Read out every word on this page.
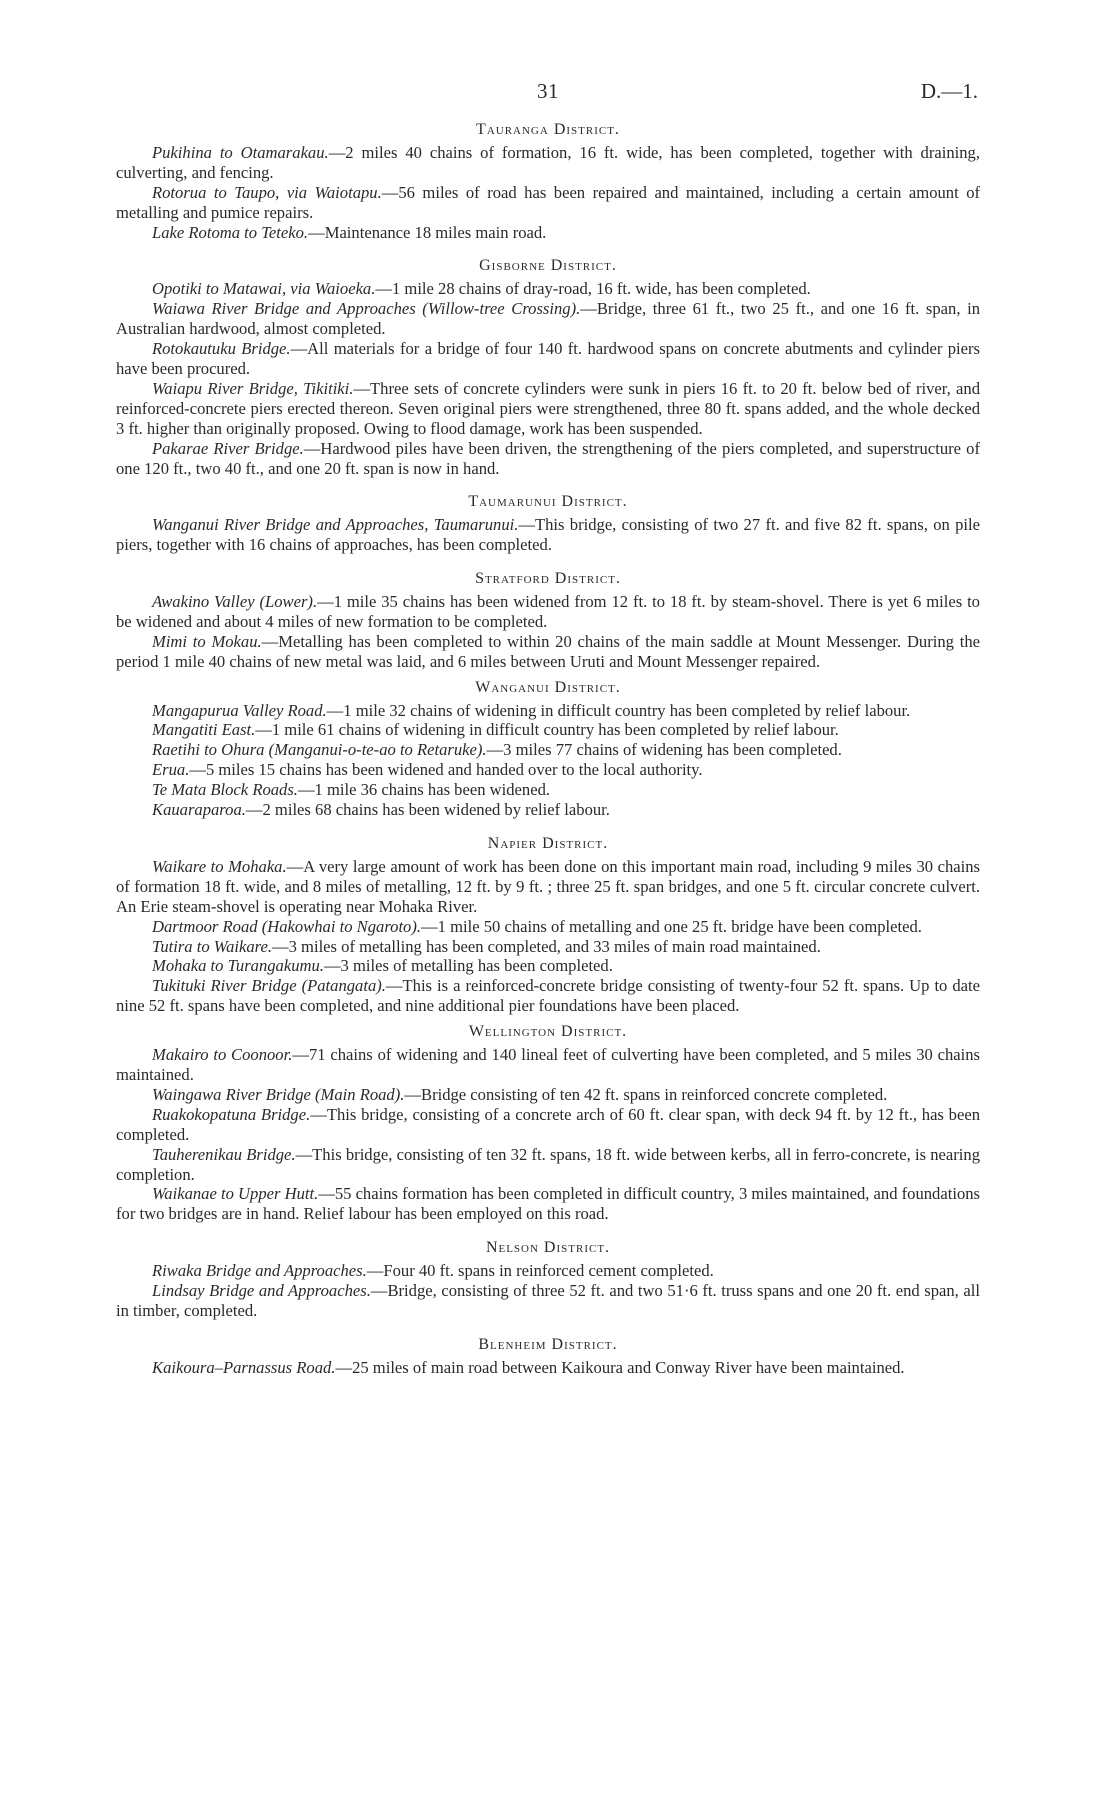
31	D.—1.
Tauranga District.

Pukihina to Otamarakau.—2 miles 40 chains of formation, 16 ft. wide, has been completed, together with draining, culverting, and fencing.

Rotorua to Taupo, via Waiotapu.—56 miles of road has been repaired and maintained, including a certain amount of metalling and pumice repairs.

Lake Rotoma to Teteko.—Maintenance 18 miles main road.

Gisborne District.

Opotiki to Matawai, via Waioeka.—1 mile 28 chains of dray-road, 16 ft. wide, has been completed.

Waiawa River Bridge and Approaches (Willow-tree Crossing).—Bridge, three 61 ft., two 25 ft., and one 16 ft. span, in Australian hardwood, almost completed.

Rotokautuku Bridge.—All materials for a bridge of four 140 ft. hardwood spans on concrete abutments and cylinder piers have been procured.

Waiapu River Bridge, Tikitiki.—Three sets of concrete cylinders were sunk in piers 16 ft. to 20 ft. below bed of river, and reinforced-concrete piers erected thereon. Seven original piers were strengthened, three 80 ft. spans added, and the whole decked 3 ft. higher than originally proposed. Owing to flood damage, work has been suspended.

Pakarae River Bridge.—Hardwood piles have been driven, the strengthening of the piers completed, and superstructure of one 120 ft., two 40 ft., and one 20 ft. span is now in hand.

Taumarunui District.

Wanganui River Bridge and Approaches, Taumarunui.—This bridge, consisting of two 27 ft. and five 82 ft. spans, on pile piers, together with 16 chains of approaches, has been completed.

Stratford District.

Awakino Valley (Lower).—1 mile 35 chains has been widened from 12 ft. to 18 ft. by steam-shovel. There is yet 6 miles to be widened and about 4 miles of new formation to be completed.

Mimi to Mokau.—Metalling has been completed to within 20 chains of the main saddle at Mount Messenger. During the period 1 mile 40 chains of new metal was laid, and 6 miles between Uruti and Mount Messenger repaired.

Wanganui District.

Mangapurua Valley Road.—1 mile 32 chains of widening in difficult country has been completed by relief labour.

Mangatiti East.—1 mile 61 chains of widening in difficult country has been completed by relief labour.

Raetihi to Ohura (Manganui-o-te-ao to Retaruke).—3 miles 77 chains of widening has been completed.

Erua.—5 miles 15 chains has been widened and handed over to the local authority.

Te Mata Block Roads.—1 mile 36 chains has been widened.

Kauaraparoa.—2 miles 68 chains has been widened by relief labour.

Napier District.

Waikare to Mohaka.—A very large amount of work has been done on this important main road, including 9 miles 30 chains of formation 18 ft. wide, and 8 miles of metalling, 12 ft. by 9 ft. ; three 25 ft. span bridges, and one 5 ft. circular concrete culvert. An Erie steam-shovel is operating near Mohaka River.

Dartmoor Road (Hakowhai to Ngaroto).—1 mile 50 chains of metalling and one 25 ft. bridge have been completed.

Tutira to Waikare.—3 miles of metalling has been completed, and 33 miles of main road maintained.

Mohaka to Turangakumu.—3 miles of metalling has been completed.

Tukituki River Bridge (Patangata).—This is a reinforced-concrete bridge consisting of twenty-four 52 ft. spans. Up to date nine 52 ft. spans have been completed, and nine additional pier foundations have been placed.

Wellington District.

Makairo to Coonoor.—71 chains of widening and 140 lineal feet of culverting have been completed, and 5 miles 30 chains maintained.

Waingawa River Bridge (Main Road).—Bridge consisting of ten 42 ft. spans in reinforced concrete completed.

Ruakokopatuna Bridge.—This bridge, consisting of a concrete arch of 60 ft. clear span, with deck 94 ft. by 12 ft., has been completed.

Tauherenikau Bridge.—This bridge, consisting of ten 32 ft. spans, 18 ft. wide between kerbs, all in ferro-concrete, is nearing completion.

Waikanae to Upper Hutt.—55 chains formation has been completed in difficult country, 3 miles maintained, and foundations for two bridges are in hand. Relief labour has been employed on this road.

Nelson District.

Riwaka Bridge and Approaches.—Four 40 ft. spans in reinforced cement completed.

Lindsay Bridge and Approaches.—Bridge, consisting of three 52 ft. and two 51·6 ft. truss spans and one 20 ft. end span, all in timber, completed.

Blenheim District.

Kaikoura–Parnassus Road.—25 miles of main road between Kaikoura and Conway River have been maintained.
